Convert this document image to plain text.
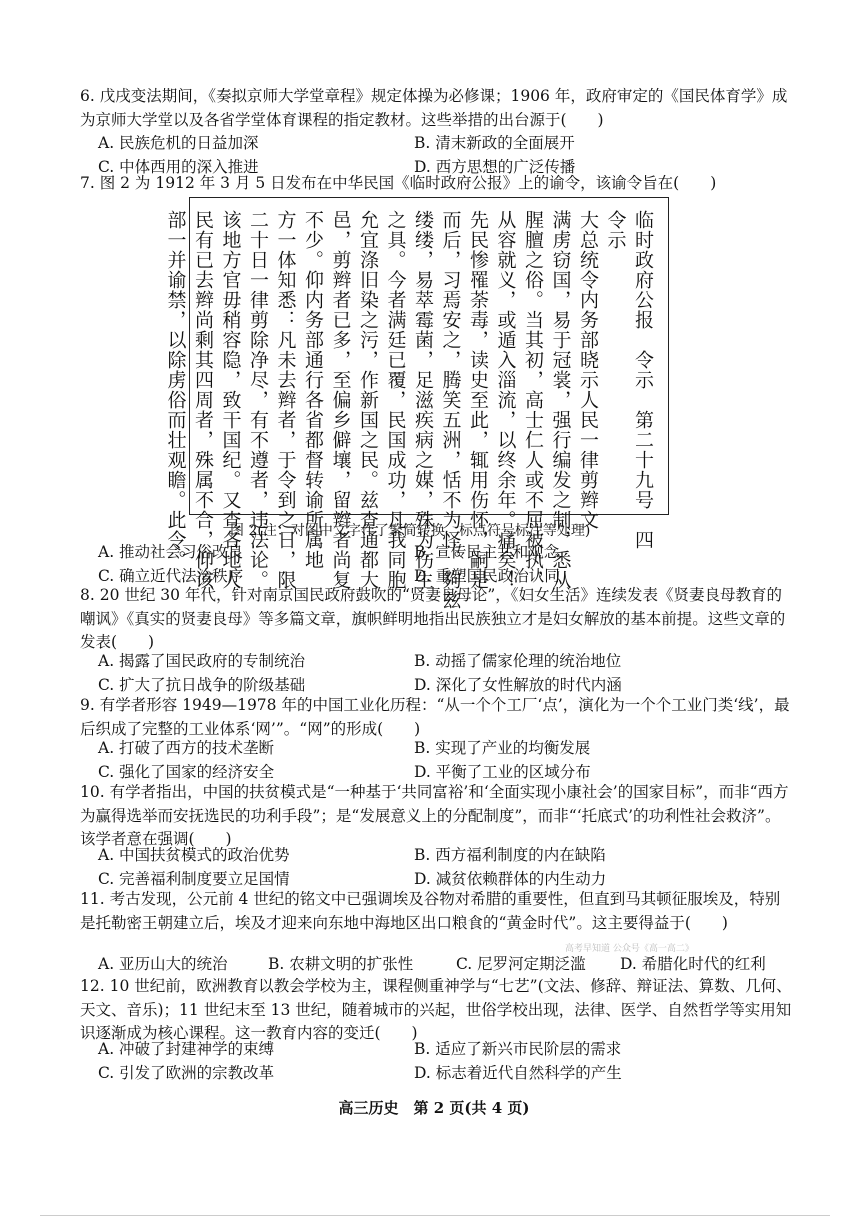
6. 戊戌变法期间，《奏拟京师大学堂章程》规定体操为必修课；1906 年，政府审定的《国民体育学》成为京师大学堂以及各省学堂体育课程的指定教材。这些举措的出台源于(　　)
A. 民族危机的日益加深	B. 清末新政的全面展开
C. 中体西用的深入推进	D. 西方思想的广泛传播
7. 图 2 为 1912 年 3 月 5 日发布在中华民国《临时政府公报》上的谕令，该谕令旨在(　　)
临时政府公报　令示　第二十九号　四
令示
大总统令内务部晓示人民一律剪辫文
满虏窃国，易于冠裳，强行编发之制，悉从
腥膻之俗。当其初，高士仁人或不屈被执，
从容就义，或遁入淄流，以终余年。痛矣！
先民惨罹荼毒，读史至此，辄用伤怀，嗣是
而后，习焉安之，腾笑五洲，恬不为怪。夠兹
缕缕，易萃霉菌，足滋疾病之媒，殊为伤生
之具。今者满廷已覆，民国成功，凡我同胞
允宜涤旧染之污，作新国之民。兹查通都大
邑，剪辫者已多，至偏乡僻壤，留辫者尚复
不少。仰内务部通行各省都督转谕所属地
方一体知悉：凡未去辫者，于令到之日，限
二十日一律剪除净尽，有不遵者，违法论。
该地方官毋稍容隐，致干国纪。又查各地人
民有已去辫尚剩其四周者，殊属不合，仰该
部一并谕禁，以除虏俗而壮观瞻。此令。	图 2(注：对图中文字作了繁简转换、标点符号标注等处理)
A. 推动社会习俗改良	B. 宣传民主共和观念
C. 确立近代法治秩序	D. 重塑国民政治认同
8. 20 世纪 30 年代，针对南京国民政府鼓吹的“贤妻良母论”，《妇女生活》连续发表《贤妻良母教育的嘲讽》《真实的贤妻良母》等多篇文章，旗帜鲜明地指出民族独立才是妇女解放的基本前提。这些文章的发表(　　)
A. 揭露了国民政府的专制统治	B. 动摇了儒家伦理的统治地位
C. 扩大了抗日战争的阶级基础	D. 深化了女性解放的时代内涵
9. 有学者形容 1949—1978 年的中国工业化历程：“从一个个工厂‘点’，演化为一个个工业门类‘线’，最后织成了完整的工业体系‘网’”。“网”的形成(　　)
A. 打破了西方的技术垄断	B. 实现了产业的均衡发展
C. 强化了国家的经济安全	D. 平衡了工业的区域分布
10. 有学者指出，中国的扶贫模式是“一种基于‘共同富裕’和‘全面实现小康社会’的国家目标”，而非“西方为赢得选举而安抚选民的功利手段”；是“发展意义上的分配制度”，而非“‘托底式’的功利性社会救济”。该学者意在强调(　　)
A. 中国扶贫模式的政治优势	B. 西方福利制度的内在缺陷
C. 完善福利制度要立足国情	D. 减贫依赖群体的内生动力
11. 考古发现，公元前 4 世纪的铭文中已强调埃及谷物对希腊的重要性，但直到马其顿征服埃及，特别是托勒密王朝建立后，埃及才迎来向东地中海地区出口粮食的“黄金时代”。这主要得益于(　　)
A. 亚历山大的统治	B. 农耕文明的扩张性	C. 尼罗河定期泛滥 D. 希腊化时代的红利
高考早知道 公众号《高一高二》
12. 10 世纪前，欧洲教育以教会学校为主，课程侧重神学与“七艺”(文法、修辞、辩证法、算数、几何、天文、音乐)；11 世纪末至 13 世纪，随着城市的兴起，世俗学校出现，法律、医学、自然哲学等实用知识逐渐成为核心课程。这一教育内容的变迁(　　)
A. 冲破了封建神学的束缚	B. 适应了新兴市民阶层的需求
C. 引发了欧洲的宗教改革	D. 标志着近代自然科学的产生
高三历史　第 2 页(共 4 页)
